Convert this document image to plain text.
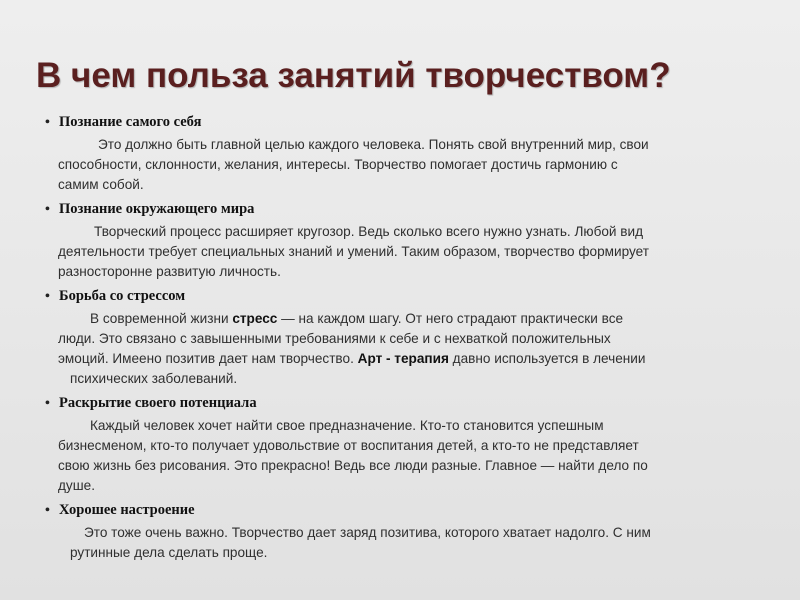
В чем польза занятий творчеством?
• Познание самого себя
Это должно быть главной целью каждого человека. Понять свой внутренний мир, свои
способности, склонности, желания, интересы. Творчество помогает достичь гармонию с
самим собой.
• Познание окружающего мира
Творческий процесс расширяет кругозор. Ведь сколько всего нужно узнать. Любой вид
деятельности требует специальных знаний и умений. Таким образом, творчество формирует
разносторонне развитую личность.
• Борьба со стрессом
В современной жизни стресс — на каждом шагу. От него страдают практически все
люди. Это связано с завышенными требованиями к себе и с нехваткой положительных
эмоций. Имеено позитив дает нам творчество. Арт - терапия давно используется в лечении
психических заболеваний.
• Раскрытие своего потенциала
Каждый человек хочет найти свое предназначение. Кто-то становится успешным
бизнесменом, кто-то получает удовольствие от воспитания детей, а кто-то не представляет
свою жизнь без рисования. Это прекрасно! Ведь все люди разные. Главное — найти дело по
душе.
• Хорошее настроение
Это тоже очень важно. Творчество дает заряд позитива, которого хватает надолго. С ним
рутинные дела сделать проще.
